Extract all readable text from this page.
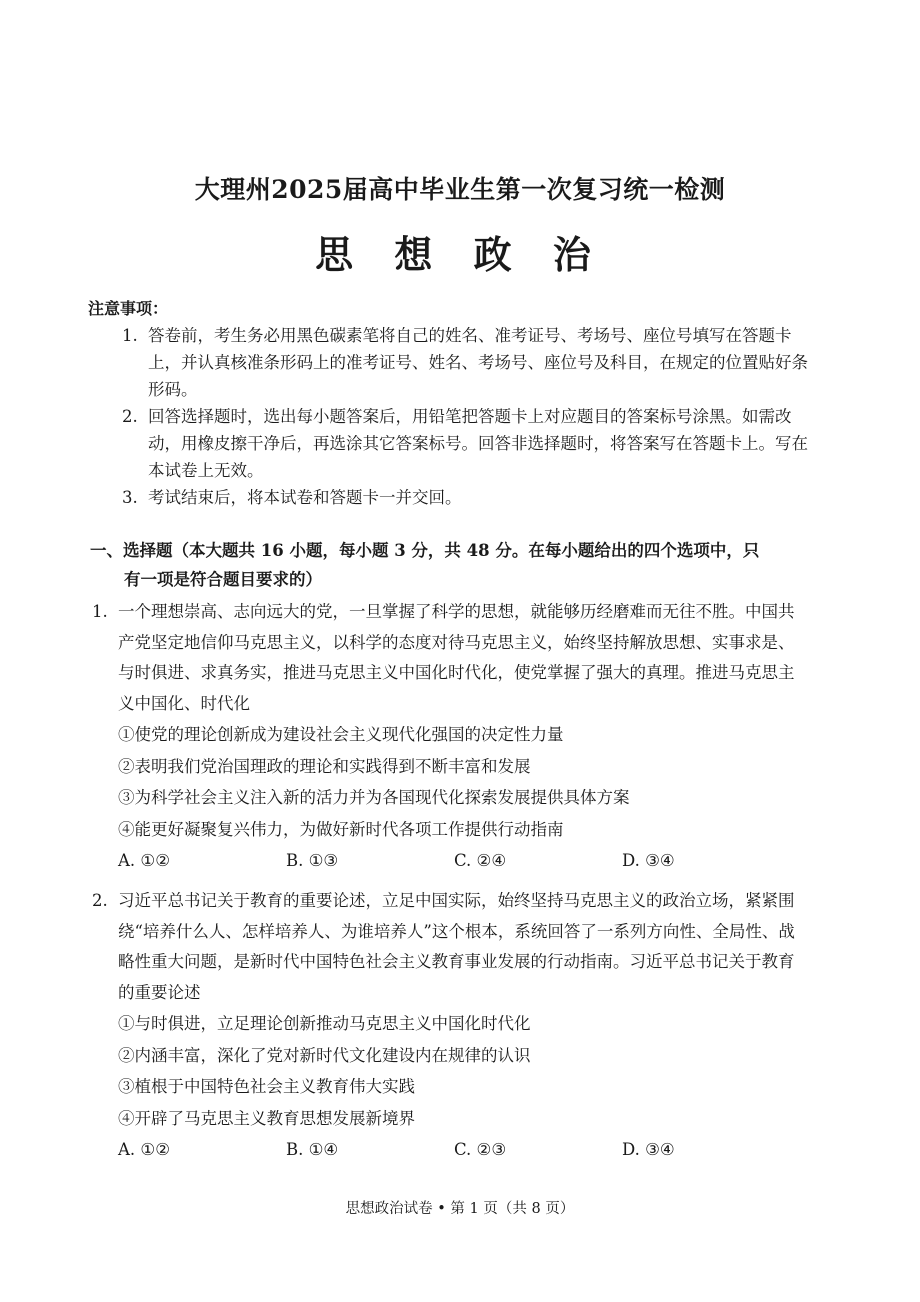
大理州2025届高中毕业生第一次复习统一检测
思 想 政 治
注意事项：
1. 答卷前，考生务必用黑色碳素笔将自己的姓名、准考证号、考场号、座位号填写在答题卡上，并认真核准条形码上的准考证号、姓名、考场号、座位号及科目，在规定的位置贴好条形码。
2. 回答选择题时，选出每小题答案后，用铅笔把答题卡上对应题目的答案标号涂黑。如需改动，用橡皮擦干净后，再选涂其它答案标号。回答非选择题时，将答案写在答题卡上。写在本试卷上无效。
3. 考试结束后，将本试卷和答题卡一并交回。
一、选择题（本大题共 16 小题，每小题 3 分，共 48 分。在每小题给出的四个选项中，只
有一项是符合题目要求的）
1. 一个理想崇高、志向远大的党，一旦掌握了科学的思想，就能够历经磨难而无往不胜。中国共产党坚定地信仰马克思主义，以科学的态度对待马克思主义，始终坚持解放思想、实事求是、与时俱进、求真务实，推进马克思主义中国化时代化，使党掌握了强大的真理。推进马克思主义中国化、时代化
①使党的理论创新成为建设社会主义现代化强国的决定性力量
②表明我们党治国理政的理论和实践得到不断丰富和发展
③为科学社会主义注入新的活力并为各国现代化探索发展提供具体方案
④能更好凝聚复兴伟力，为做好新时代各项工作提供行动指南
A. ①②	B. ①③	C. ②④	D. ③④
2. 习近平总书记关于教育的重要论述，立足中国实际，始终坚持马克思主义的政治立场，紧紧围绕“培养什么人、怎样培养人、为谁培养人”这个根本，系统回答了一系列方向性、全局性、战略性重大问题，是新时代中国特色社会主义教育事业发展的行动指南。习近平总书记关于教育的重要论述
①与时俱进，立足理论创新推动马克思主义中国化时代化
②内涵丰富，深化了党对新时代文化建设内在规律的认识
③植根于中国特色社会主义教育伟大实践
④开辟了马克思主义教育思想发展新境界
A. ①②	B. ①④	C. ②③	D. ③④
思想政治试卷 • 第 1 页（共 8 页）
